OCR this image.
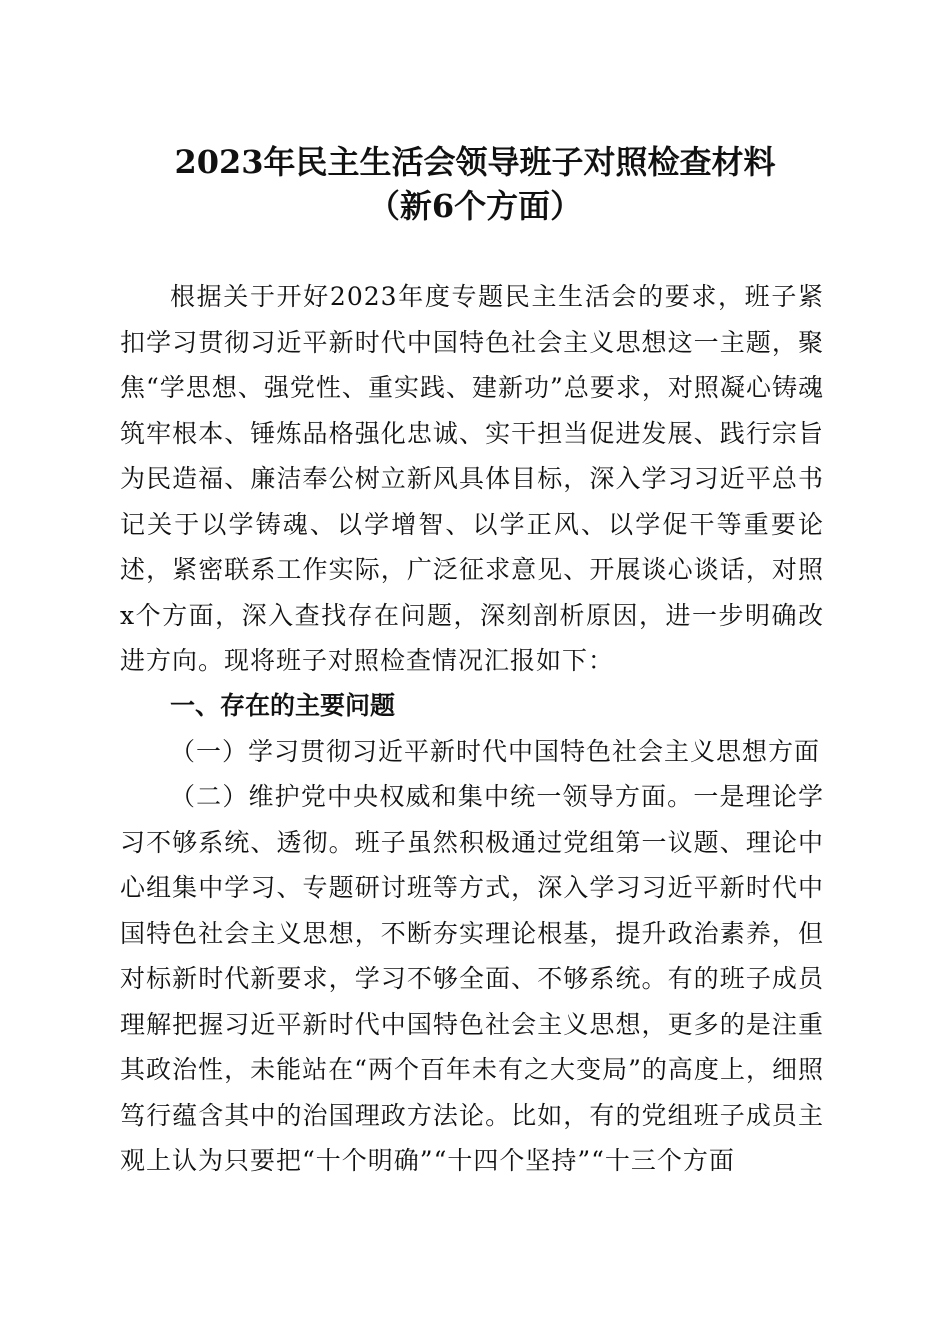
2023年民主生活会领导班子对照检查材料
（新6个方面）

根据关于开好2023年度专题民主生活会的要求，班子紧扣学习贯彻习近平新时代中国特色社会主义思想这一主题，聚焦“学思想、强党性、重实践、建新功”总要求，对照凝心铸魂筑牢根本、锤炼品格强化忠诚、实干担当促进发展、践行宗旨为民造福、廉洁奉公树立新风具体目标，深入学习习近平总书记关于以学铸魂、以学增智、以学正风、以学促干等重要论述，紧密联系工作实际，广泛征求意见、开展谈心谈话，对照x个方面，深入查找存在问题，深刻剖析原因，进一步明确改进方向。现将班子对照检查情况汇报如下：

一、存在的主要问题

（一）学习贯彻习近平新时代中国特色社会主义思想方面

（二）维护党中央权威和集中统一领导方面。一是理论学习不够系统、透彻。班子虽然积极通过党组第一议题、理论中心组集中学习、专题研讨班等方式，深入学习习近平新时代中国特色社会主义思想，不断夯实理论根基，提升政治素养，但对标新时代新要求，学习不够全面、不够系统。有的班子成员理解把握习近平新时代中国特色社会主义思想，更多的是注重其政治性，未能站在“两个百年未有之大变局”的高度上，细照笃行蕴含其中的治国理政方法论。比如，有的党组班子成员主观上认为只要把“十个明确”“十四个坚持”“十三个方面
